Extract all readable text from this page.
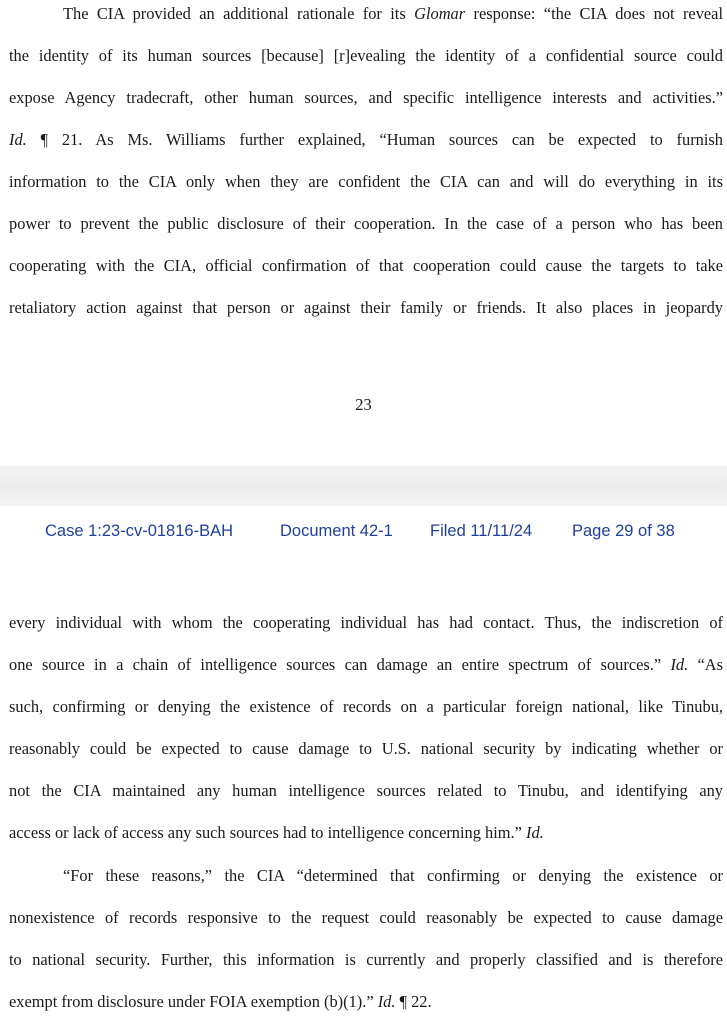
The CIA provided an additional rationale for its Glomar response: “the CIA does not reveal
the identity of its human sources [because] [r]evealing the identity of a confidential source could
expose Agency tradecraft, other human sources, and specific intelligence interests and activities.”
Id. ¶ 21. As Ms. Williams further explained, “Human sources can be expected to furnish
information to the CIA only when they are confident the CIA can and will do everything in its
power to prevent the public disclosure of their cooperation. In the case of a person who has been
cooperating with the CIA, official confirmation of that cooperation could cause the targets to take
retaliatory action against that person or against their family or friends. It also places in jeopardy
23
Case 1:23-cv-01816-BAH	Document 42-1 Filed 11/11/24 Page 29 of 38
every individual with whom the cooperating individual has had contact. Thus, the indiscretion of
one source in a chain of intelligence sources can damage an entire spectrum of sources.” Id. “As
such, confirming or denying the existence of records on a particular foreign national, like Tinubu,
reasonably could be expected to cause damage to U.S. national security by indicating whether or
not the CIA maintained any human intelligence sources related to Tinubu, and identifying any
access or lack of access any such sources had to intelligence concerning him.” Id.
“For these reasons,” the CIA “determined that confirming or denying the existence or
nonexistence of records responsive to the request could reasonably be expected to cause damage
to national security. Further, this information is currently and properly classified and is therefore
exempt from disclosure under FOIA exemption (b)(1).” Id. ¶ 22.
